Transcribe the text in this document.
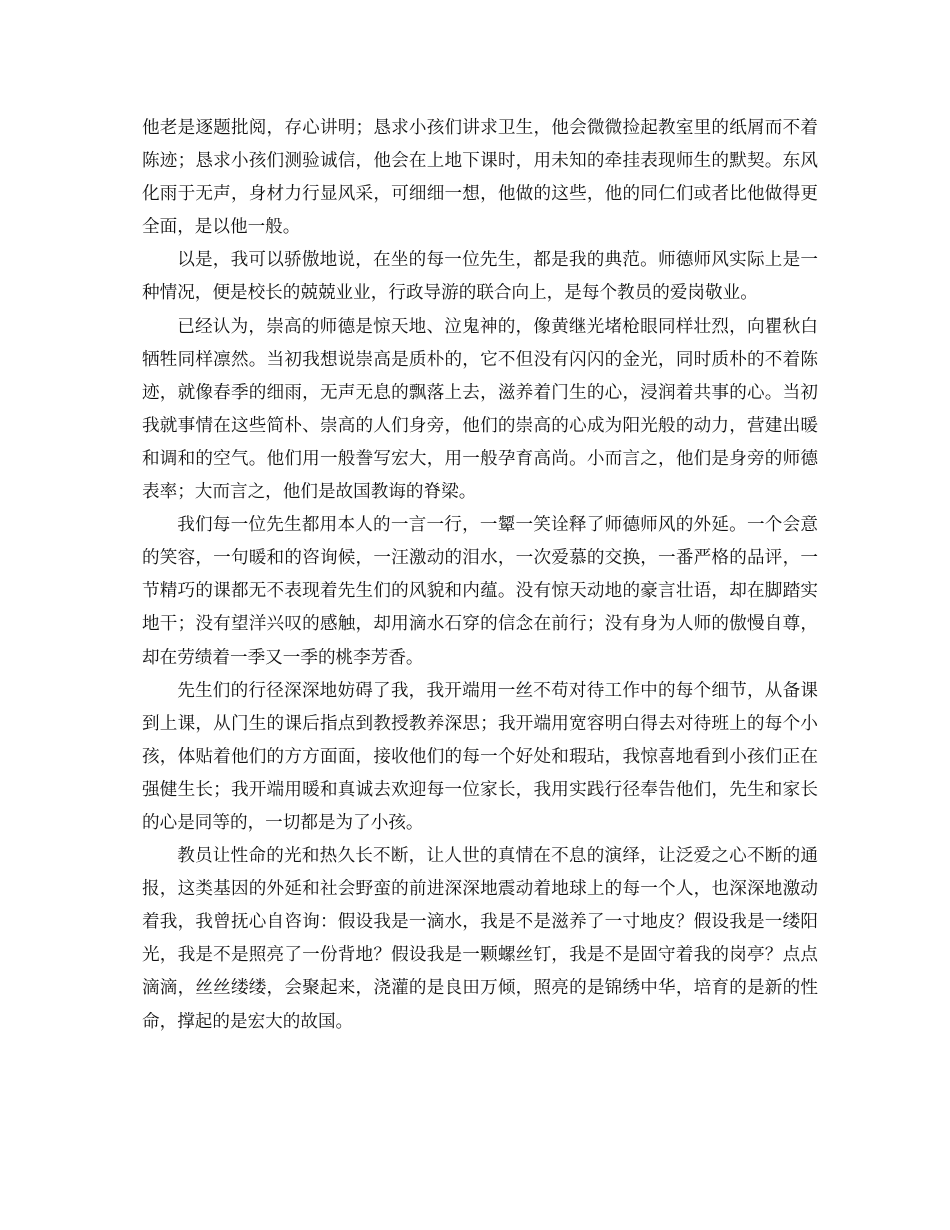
他老是逐题批阅，存心讲明；恳求小孩们讲求卫生，他会微微捡起教室里的纸屑而不着陈迹；恳求小孩们测验诚信，他会在上地下课时，用未知的牵挂表现师生的默契。东风化雨于无声，身材力行显风采，可细细一想，他做的这些，他的同仁们或者比他做得更全面，是以他一般。

以是，我可以骄傲地说，在坐的每一位先生，都是我的典范。师德师风实际上是一种情况，便是校长的兢兢业业，行政导游的联合向上，是每个教员的爱岗敬业。

已经认为，崇高的师德是惊天地、泣鬼神的，像黄继光堵枪眼同样壮烈，向瞿秋白牺牲同样凛然。当初我想说崇高是质朴的，它不但没有闪闪的金光，同时质朴的不着陈迹，就像春季的细雨，无声无息的飘落上去，滋养着门生的心，浸润着共事的心。当初我就事情在这些简朴、崇高的人们身旁，他们的崇高的心成为阳光般的动力，营建出暖和调和的空气。他们用一般誊写宏大，用一般孕育高尚。小而言之，他们是身旁的师德表率；大而言之，他们是故国教诲的脊梁。

我们每一位先生都用本人的一言一行，一颦一笑诠释了师德师风的外延。一个会意的笑容，一句暖和的咨询候，一汪激动的泪水，一次爱慕的交换，一番严格的品评，一节精巧的课都无不表现着先生们的风貌和内蕴。没有惊天动地的豪言壮语，却在脚踏实地干；没有望洋兴叹的感触，却用滴水石穿的信念在前行；没有身为人师的傲慢自尊，却在劳绩着一季又一季的桃李芳香。

先生们的行径深深地妨碍了我，我开端用一丝不苟对待工作中的每个细节，从备课到上课，从门生的课后指点到教授教养深思；我开端用宽容明白得去对待班上的每个小孩，体贴着他们的方方面面，接收他们的每一个好处和瑕玷，我惊喜地看到小孩们正在强健生长；我开端用暖和真诚去欢迎每一位家长，我用实践行径奉告他们，先生和家长的心是同等的，一切都是为了小孩。

教员让性命的光和热久长不断，让人世的真情在不息的演绎，让泛爱之心不断的通报，这类基因的外延和社会野蛮的前进深深地震动着地球上的每一个人，也深深地激动着我，我曾抚心自咨询：假设我是一滴水，我是不是滋养了一寸地皮？假设我是一缕阳光，我是不是照亮了一份背地？假设我是一颗螺丝钉，我是不是固守着我的岗亭？点点滴滴，丝丝缕缕，会聚起来，浇灌的是良田万倾，照亮的是锦绣中华，培育的是新的性命，撑起的是宏大的故国。
